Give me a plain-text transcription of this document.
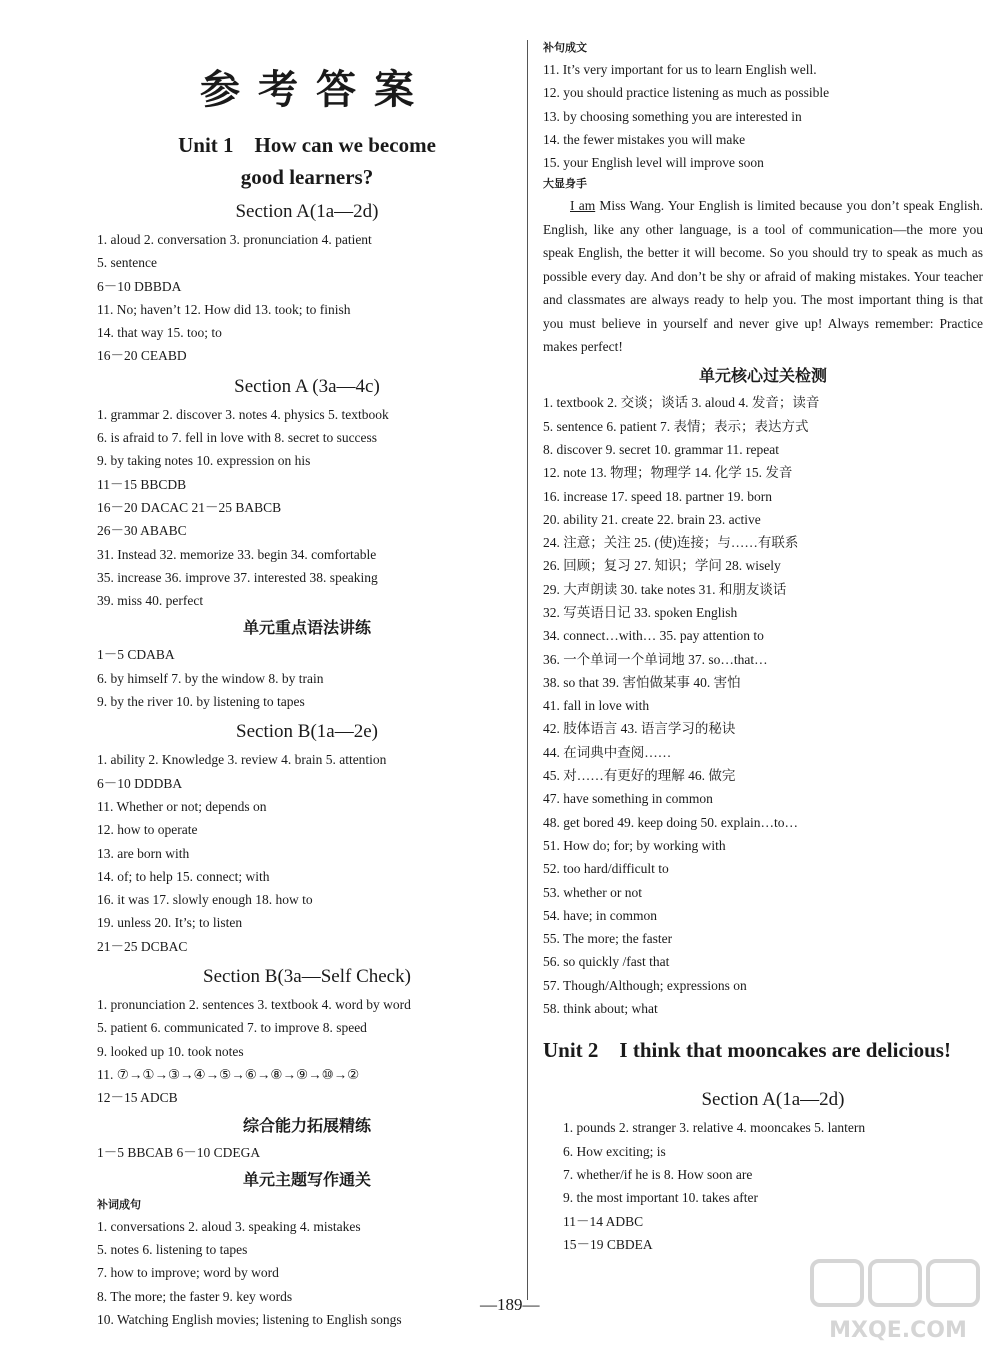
参考答案
Unit 1    How can we become
good learners?
Section A(1a—2d)
1. aloud 2. conversation 3. pronunciation 4. patient
5. sentence
6－10 DBBDA
11. No; haven’t 12. How did 13. took; to finish
14. that way 15. too; to
16－20 CEABD
Section A (3a—4c)
1. grammar 2. discover 3. notes 4. physics 5. textbook
6. is afraid to 7. fell in love with 8. secret to success
9. by taking notes 10. expression on his
11－15 BBCDB
16－20 DACAC 21－25 BABCB
26－30 ABABC
31. Instead 32. memorize 33. begin 34. comfortable
35. increase 36. improve 37. interested 38. speaking
39. miss 40. perfect
单元重点语法讲练
1－5 CDABA
6. by himself 7. by the window 8. by train
9. by the river 10. by listening to tapes
Section B(1a—2e)
1. ability 2. Knowledge 3. review 4. brain 5. attention
6－10 DDDBA
11. Whether or not; depends on
12. how to operate
13. are born with
14. of; to help 15. connect; with
16. it was 17. slowly enough 18. how to
19. unless 20. It’s; to listen
21－25 DCBAC
Section B(3a—Self Check)
1. pronunciation 2. sentences 3. textbook 4. word by word
5. patient 6. communicated 7. to improve 8. speed
9. looked up 10. took notes
11. ⑦→①→③→④→⑤→⑥→⑧→⑨→⑩→②
12－15 ADCB
综合能力拓展精练
1－5 BBCAB 6－10 CDEGA
单元主题写作通关
补词成句
1. conversations 2. aloud 3. speaking 4. mistakes
5. notes 6. listening to tapes
7. how to improve; word by word
8. The more; the faster 9. key words
10. Watching English movies; listening to English songs
补句成文
11. It’s very important for us to learn English well.
12. you should practice listening as much as possible
13. by choosing something you are interested in
14. the fewer mistakes you will make
15. your English level will improve soon
大显身手
I am Miss Wang. Your English is limited because you don’t speak English. English, like any other language, is a tool of communication—the more you speak English, the better it will become. So you should try to speak as much as possible every day. And don’t be shy or afraid of making mistakes. Your teacher and classmates are always ready to help you. The most important thing is that you must believe in yourself and never give up! Always remember: Practice makes perfect!
单元核心过关检测
1. textbook 2. 交谈；谈话 3. aloud 4. 发音；读音
5. sentence 6. patient 7. 表情；表示；表达方式
8. discover 9. secret 10. grammar 11. repeat
12. note 13. 物理；物理学 14. 化学 15. 发音
16. increase 17. speed 18. partner 19. born
20. ability 21. create 22. brain 23. active
24. 注意；关注 25. (使)连接；与……有联系
26. 回顾；复习 27. 知识；学问 28. wisely
29. 大声朗读 30. take notes 31. 和朋友谈话
32. 写英语日记 33. spoken English
34. connect…with… 35. pay attention to
36. 一个单词一个单词地 37. so…that…
38. so that 39. 害怕做某事 40. 害怕
41. fall in love with
42. 肢体语言 43. 语言学习的秘诀
44. 在词典中查阅……
45. 对……有更好的理解 46. 做完
47. have something in common
48. get bored 49. keep doing 50. explain…to…
51. How do; for; by working with
52. too hard/difficult to
53. whether or not
54. have; in common
55. The more; the faster
56. so quickly /fast that
57. Though/Although; expressions on
58. think about; what
Unit 2    I think that mooncakes are delicious!
Section A(1a—2d)
1. pounds 2. stranger 3. relative 4. mooncakes 5. lantern
6. How exciting; is
7. whether/if he is 8. How soon are
9. the most important 10. takes after
11－14 ADBC
15－19 CBDEA
—189—
MXQE.COM
